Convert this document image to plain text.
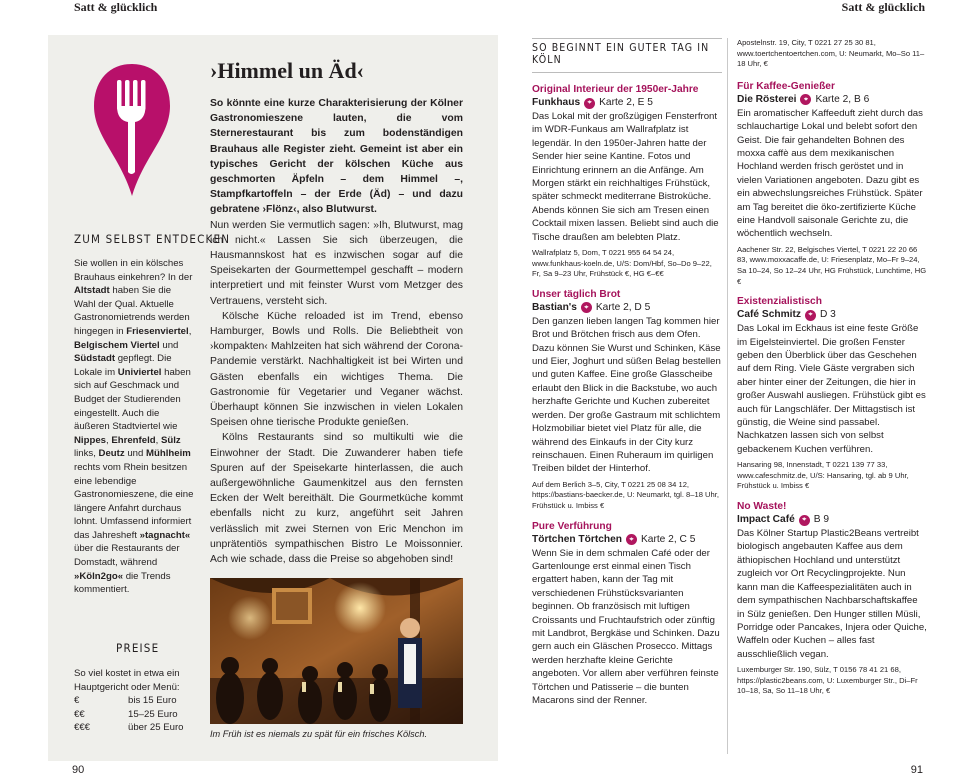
Satt & glücklich	Satt & glücklich
ZUM SELBST ENTDECKEN
Sie wollen in ein kölsches Brauhaus einkehren? In der Altstadt haben Sie die Wahl der Qual. Aktuelle Gastronomietrends werden hingegen in Friesenviertel, Belgischem Viertel und Südstadt gepflegt. Die Lokale im Univiertel haben sich auf Geschmack und Budget der Studierenden eingestellt. Auch die äußeren Stadtviertel wie Nippes, Ehrenfeld, Sülz links, Deutz und Mühlheim rechts vom Rhein besitzen eine lebendige Gastronomieszene, die eine längere Anfahrt durchaus lohnt. Umfassend informiert das Jahresheft »tagnacht« über die Restaurants der Domstadt, während »Köln2go« die Trends kommentiert.
PREISE
So viel kostet in etwa ein Hauptgericht oder Menü:
€	bis 15 Euro
€€	15–25 Euro
€€€	über 25 Euro
›Himmel un Äd‹

So könnte eine kurze Charakterisierung der Kölner Gastronomieszene lauten, die vom Sternerestaurant bis zum bodenständigen Brauhaus alle Register zieht. Gemeint ist aber ein typisches Gericht der kölschen Küche aus geschmorten Äpfeln – dem Himmel –, Stampfkartoffeln – der Erde (Äd) – und dazu gebratene ›Flönz‹, also Blutwurst.

Nun werden Sie vermutlich sagen: »Ih, Blutwurst, mag ich nicht.« Lassen Sie sich überzeugen, die Hausmannskost hat es inzwischen sogar auf die Speisekarten der Gourmettempel geschafft – modern interpretiert und mit feinster Wurst vom Metzger des Vertrauens, versteht sich.

Kölsche Küche reloaded ist im Trend, ebenso Hamburger, Bowls und Rolls. Die Beliebtheit von ›kompakten‹ Mahlzeiten hat sich während der Corona-Pandemie verstärkt. Nachhaltigkeit ist bei Wirten und Gästen ebenfalls ein wichtiges Thema. Die Gastronomie für Vegetarier und Veganer wächst. Überhaupt können Sie inzwischen in vielen Lokalen Speisen ohne tierische Produkte genießen.

Kölns Restaurants sind so multikulti wie die Einwohner der Stadt. Die Zuwanderer haben tiefe Spuren auf der Speisekarte hinterlassen, die auch außergewöhnliche Gaumenkitzel aus den fernsten Ecken der Welt bereithält. Die Gourmetküche kommt ebenfalls nicht zu kurz, angeführt seit Jahren verlässlich mit zwei Sternen von Eric Menchon im unprätentiös sympathischen Bistro Le Moissonnier. Ach wie schade, dass die Preise so abgehoben sind!

Im Früh ist es niemals zu spät für ein frisches Kölsch.
90
SO BEGINNT EIN GUTER TAG IN KÖLN
Original Interieur der 1950er-Jahre
Funkhaus	⌖ Karte 2, E 5
Das Lokal mit der großzügigen Fensterfront im WDR-Funkaus am Wallrafplatz ist legendär. In den 1950er-Jahren hatte der Sender hier seine Kantine. Fotos und Einrichtung erinnern an die Anfänge. Am Morgen stärkt ein reichhaltiges Frühstück, später schmeckt mediterrane Bistroküche. Abends können Sie sich am Tresen einen Cocktail mixen lassen. Beliebt sind auch die Tische draußen am belebten Platz.
Wallrafplatz 5, Dom, T 0221 955 64 54 24, www.funkhaus-koeln.de, U/S: Dom/Hbf, So–Do 9–22, Fr, Sa 9–23 Uhr, Frühstück €, HG €–€€
Unser täglich Brot
Bastian's	⌖ Karte 2, D 5
Den ganzen lieben langen Tag kommen hier Brot und Brötchen frisch aus dem Ofen. Dazu können Sie Wurst und Schinken, Käse und Eier, Joghurt und süßen Belag bestellen und guten Kaffee. Eine große Glasscheibe erlaubt den Blick in die Backstube, wo auch herzhafte Gerichte und Kuchen zubereitet werden. Der große Gastraum mit schlichtem Holzmobiliar bietet viel Platz für alle, die während des Einkaufs in der City kurz reinschauen. Einen Ruheraum im quirligen Treiben bildet der Hinterhof.
Auf dem Berlich 3–5, City, T 0221 25 08 34 12, https://bastians-baecker.de, U: Neumarkt, tgl. 8–18 Uhr, Frühstück u. Imbiss €
Pure Verführung
Törtchen Törtchen	⌖ Karte 2, C 5
Wenn Sie in dem schmalen Café oder der Gartenlounge erst einmal einen Tisch ergattert haben, kann der Tag mit verschiedenen Frühstücksvarianten beginnen. Ob französisch mit luftigen Croissants und Fruchtaufstrich oder zünftig mit Landbrot, Bergkäse und Schinken. Dazu gern auch ein Gläschen Prosecco. Mittags werden herzhafte kleine Gerichte angeboten. Vor allem aber verführen feinste Törtchen und Patisserie – die bunten Macarons sind der Renner.
Apostelnstr. 19, City, T 0221 27 25 30 81, www.toertchentoertchen.com, U: Neumarkt, Mo–So 11–18 Uhr, €
Für Kaffee-Genießer
Die Rösterei	⌖ Karte 2, B 6
Ein aromatischer Kaffeeduft zieht durch das schlauchartige Lokal und belebt sofort den Geist. Die fair gehandelten Bohnen des moxxa caffè aus dem mexikanischen Hochland werden frisch geröstet und in vielen Variationen angeboten. Dazu gibt es ein abwechslungsreiches Frühstück. Später am Tag bereitet die öko-zertifizierte Küche eine Handvoll saisonale Gerichte zu, die wöchentlich wechseln.
Aachener Str. 22, Belgisches Viertel, T 0221 22 20 66 83, www.moxxacaffe.de, U: Friesenplatz, Mo–Fr 9–24, Sa 10–24, So 12–24 Uhr, HG Frühstück, Lunchtime, HG €
Existenzialistisch
Café Schmitz	⌖ D 3
Das Lokal im Eckhaus ist eine feste Größe im Eigelsteinviertel. Die großen Fenster geben den Überblick über das Geschehen auf dem Ring. Viele Gäste vergraben sich aber hinter einer der Zeitungen, die hier in großer Auswahl ausliegen. Frühstück gibt es auch für Langschläfer. Der Mittagstisch ist günstig, die Weine sind passabel. Nachkatzen lassen sich von selbst gebackenem Kuchen verführen.
Hansaring 98, Innenstadt, T 0221 139 77 33, www.cafeschmitz.de, U/S: Hansaring, tgl. ab 9 Uhr, Frühstück u. Imbiss €
No Waste!
Impact Café	⌖ B 9
Das Kölner Startup Plastic2Beans vertreibt biologisch angebauten Kaffee aus dem äthiopischen Hochland und unterstützt zugleich vor Ort Recyclingprojekte. Nun kann man die Kaffeespezialitäten auch in dem sympathischen Nachbarschaftskaffee in Sülz genießen. Den Hunger stillen Müsli, Porridge oder Pancakes, Injera oder Quiche, Waffeln oder Kuchen – alles fast ausschließlich vegan.
Luxemburger Str. 190, Sülz, T 0156 78 41 21 68, https://plastic2beans.com, U: Luxemburger Str., Di–Fr 10–18, Sa, So 11–18 Uhr, €
91
